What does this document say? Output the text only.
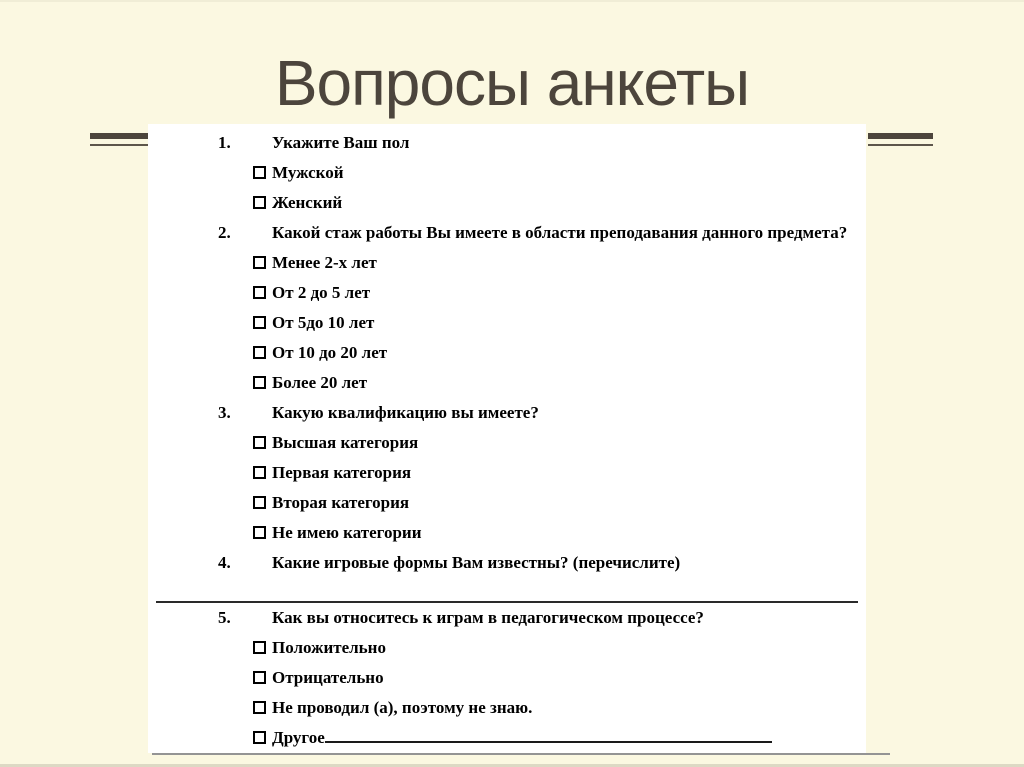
Вопросы анкеты
1. Укажите Ваш пол
Мужской
Женский
2. Какой стаж работы Вы имеете в области преподавания данного предмета?
Менее 2-х лет
От 2 до 5 лет
От 5до 10 лет
От 10 до 20 лет
Более 20 лет
3. Какую квалификацию вы имеете?
Высшая категория
Первая категория
Вторая категория
Не имею категории
4. Какие игровые формы Вам известны? (перечислите)
5. Как вы относитесь к играм в педагогическом процессе?
Положительно
Отрицательно
Не проводил (а), поэтому не знаю.
Другое
